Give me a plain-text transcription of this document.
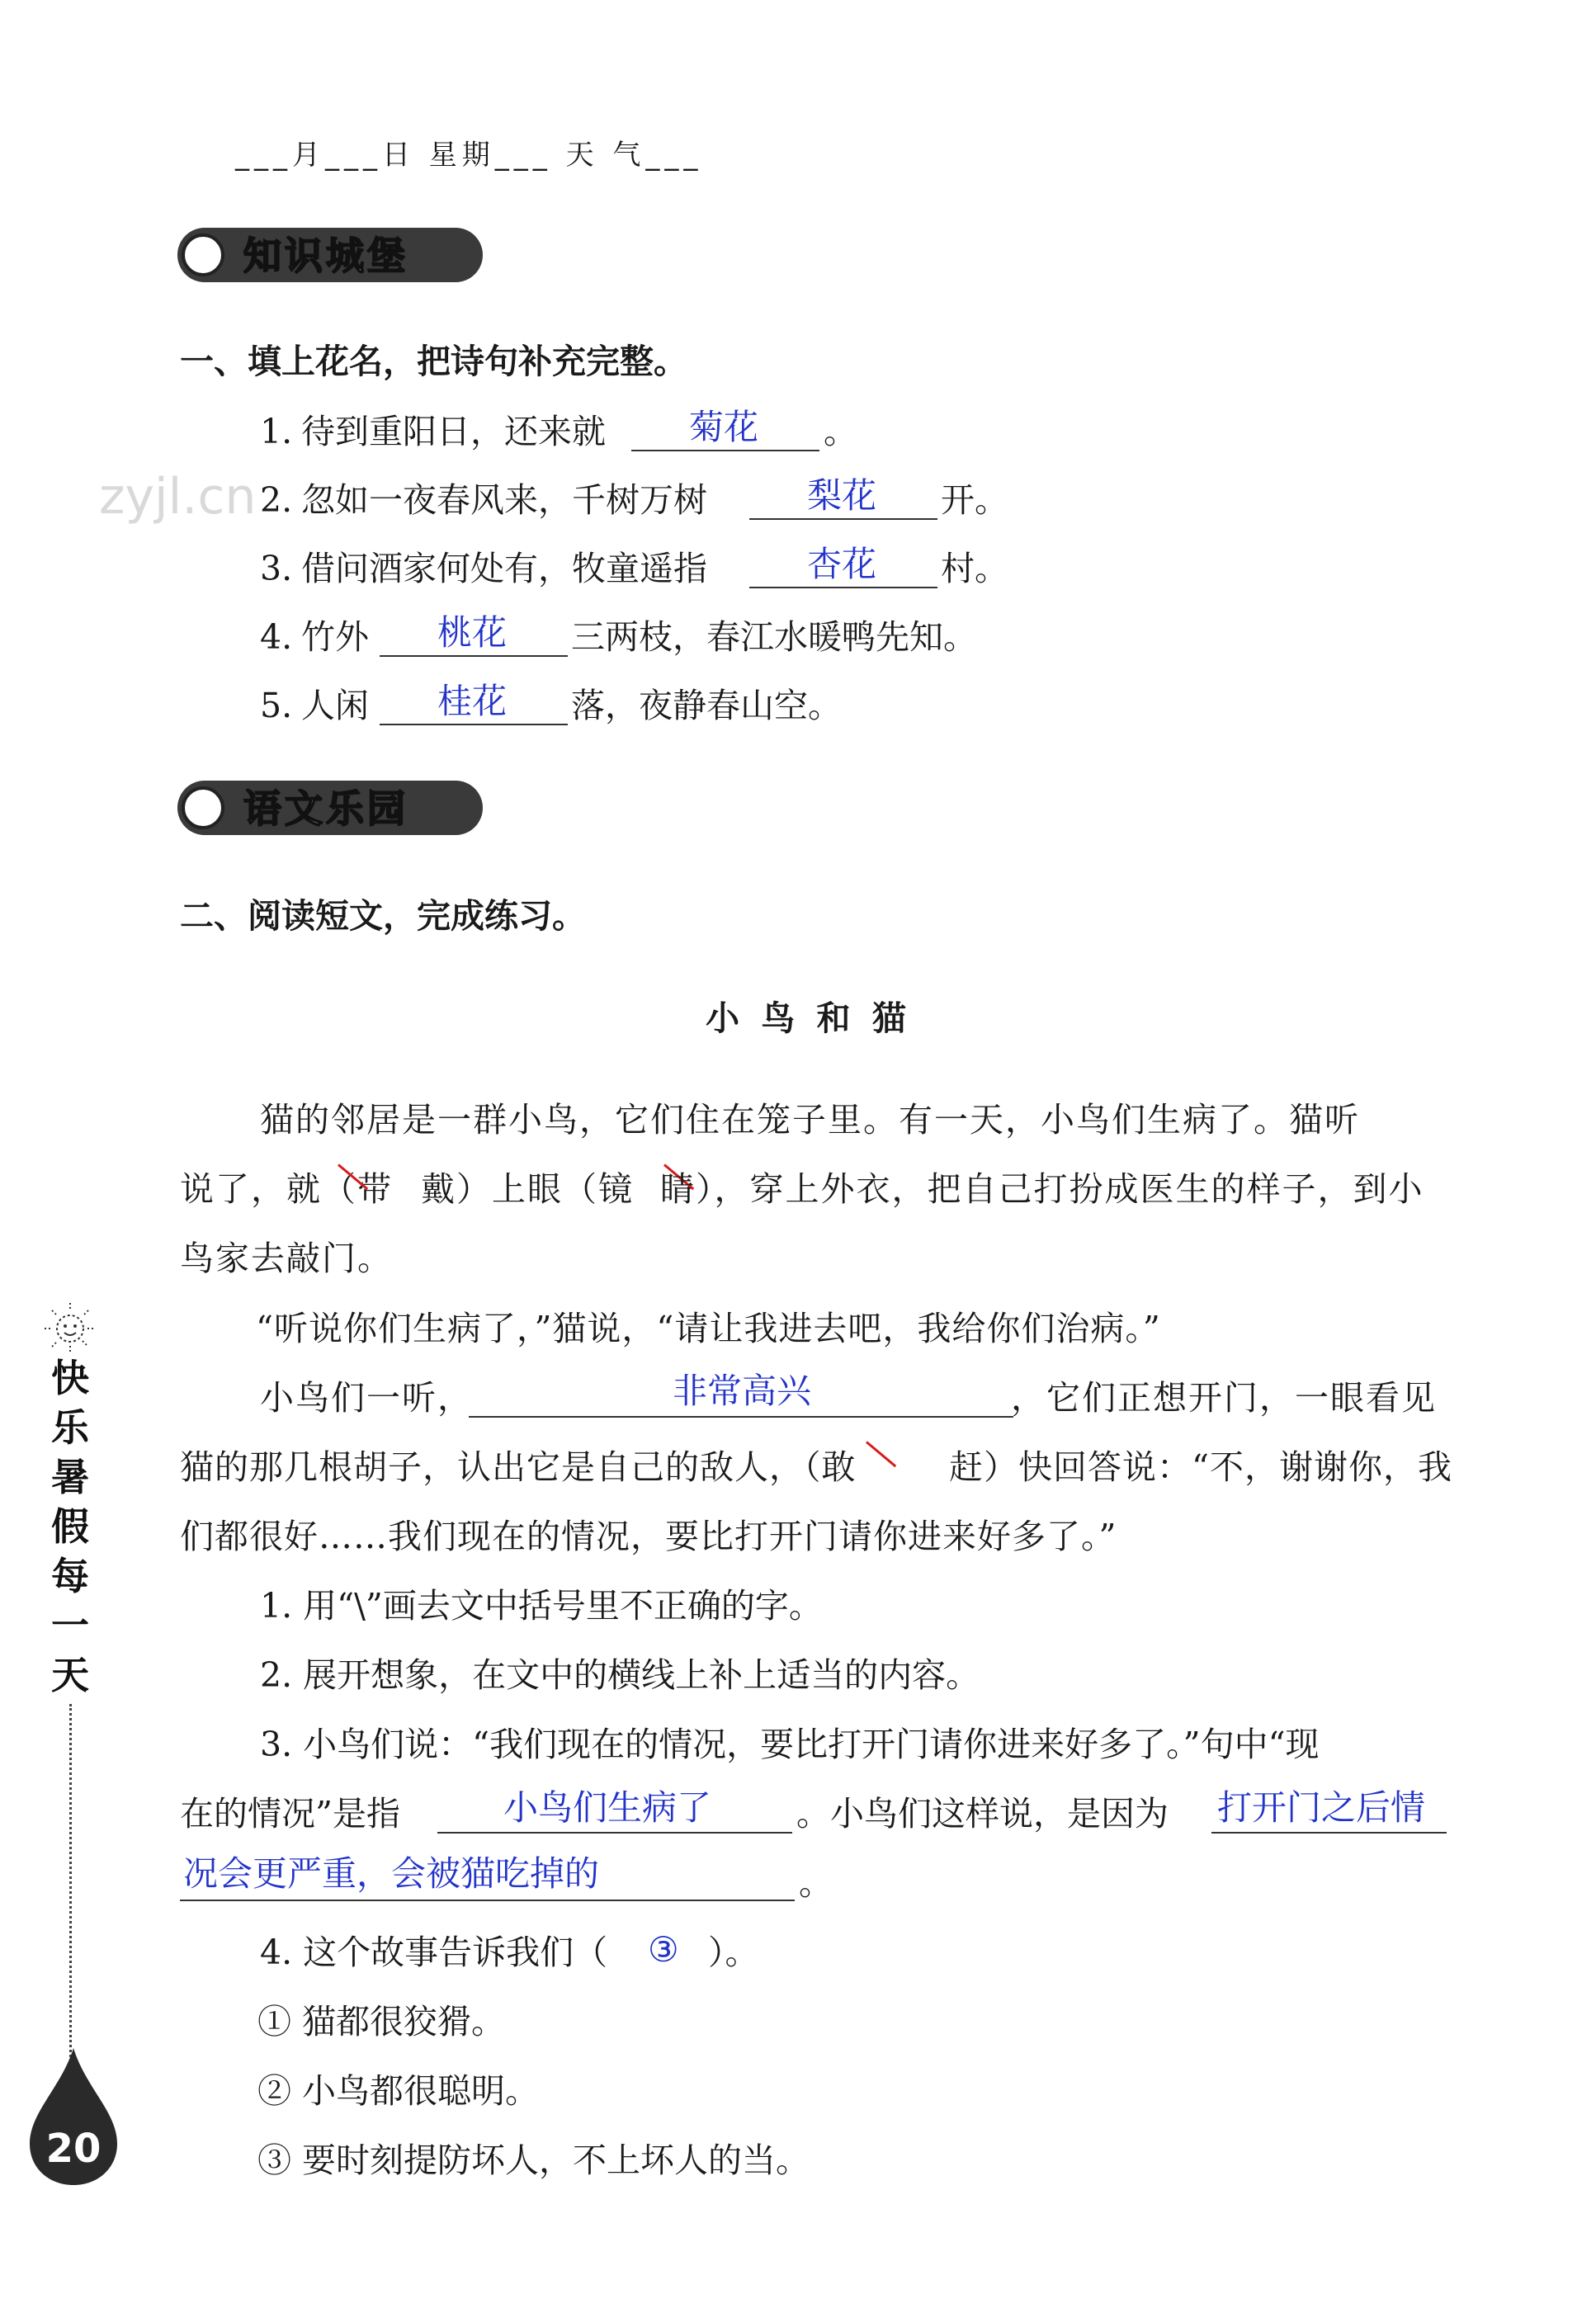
___月___日 星期___ 天 气___
zyjl.cn
知识城堡
一、填上花名，把诗句补充完整。
1. 待到重阳日，还来就 菊花 。
2. 忽如一夜春风来，千树万树	梨花 开。
3. 借问酒家何处有，牧童遥指	杏花 村。
4. 竹外 桃花 三两枝，春江水暖鸭先知。
5. 人闲 桂花 落，夜静春山空。
语文乐园
二、阅读短文，完成练习。
小 鸟 和 猫
猫的邻居是一群小鸟，它们住在笼子里。有一天，小鸟们生病了。猫听
说了，就（带 戴）上眼（镜 睛），穿上外衣，把自己打扮成医生的样子，到小
鸟家去敲门。
“听说你们生病了，”猫说，“请让我进去吧，我给你们治病。”
小鸟们一听，	非常高兴	，它们正想开门，一眼看见
猫的那几根胡子，认出它是自己的敌人，（敢	赶）快回答说：“不，谢谢你，我
们都很好……我们现在的情况，要比打开门请你进来好多了。”
1. 用“\”画去文中括号里不正确的字。
2. 展开想象，在文中的横线上补上适当的内容。
3. 小鸟们说：“我们现在的情况，要比打开门请你进来好多了。”句中“现
在的情况”是指	小鸟们生病了	。小鸟们这样说，是因为 打开门之后情
况会更严重，会被猫吃掉的	。
4. 这个故事告诉我们（ ③ ）。
① 猫都很狡猾。
② 小鸟都很聪明。
③ 要时刻提防坏人，不上坏人的当。
快
乐
暑
假
每
一
天
20
